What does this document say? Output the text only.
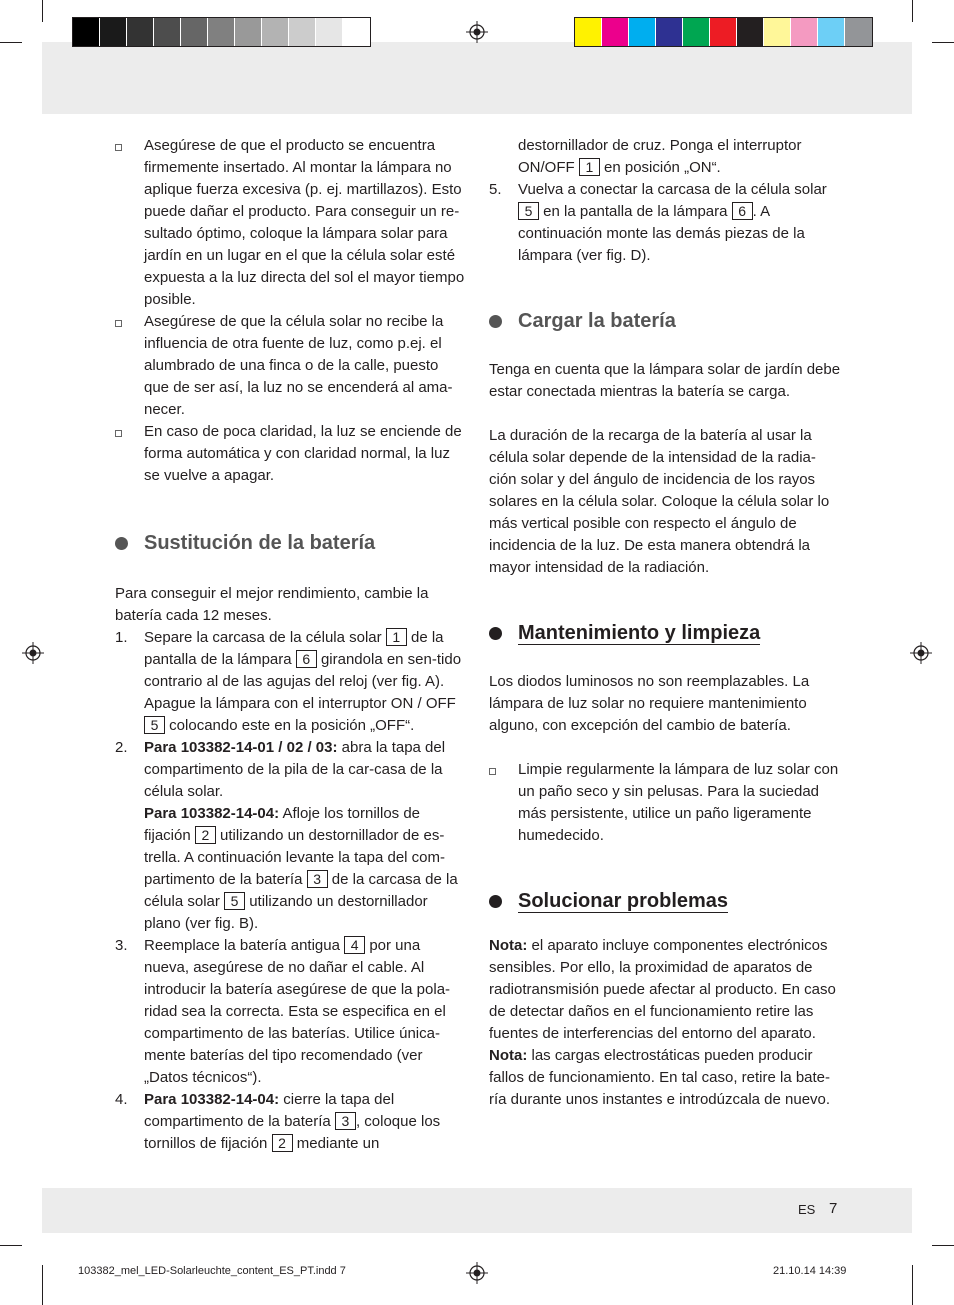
Asegúrese de que el producto se encuentra firmemente insertado. Al montar la lámpara no aplique fuerza excesiva (p. ej. martillazos). Esto puede dañar el producto. Para conseguir un re-sultado óptimo, coloque la lámpara solar para jardín en un lugar en el que la célula solar esté expuesta a la luz directa del sol el mayor tiempo posible.

Asegúrese de que la célula solar no recibe la influencia de otra fuente de luz, como p.ej. el alumbrado de una finca o de la calle, puesto que de ser así, la luz no se encenderá al ama-necer.

En caso de poca claridad, la luz se enciende de forma automática y con claridad normal, la luz se vuelve a apagar.

Sustitución de la batería

Para conseguir el mejor rendimiento, cambie la batería cada 12 meses.

1. Separe la carcasa de la célula solar 1 de la pantalla de la lámpara 6 girandola en sen-tido contrario al de las agujas del reloj (ver fig. A). Apague la lámpara con el interruptor ON / OFF 5 colocando este en la posición „OFF“.

2. Para 103382-14-01 / 02 / 03: abra la tapa del compartimento de la pila de la car-casa de la célula solar.

Para 103382-14-04: Afloje los tornillos de fijación 2 utilizando un destornillador de es-trella. A continuación levante la tapa del com-partimento de la batería 3 de la carcasa de la célula solar 5 utilizando un destornillador plano (ver fig. B).

3. Reemplace la batería antigua 4 por una nueva, asegúrese de no dañar el cable. Al introducir la batería asegúrese de que la pola-ridad sea la correcta. Esta se especifica en el compartimento de las baterías. Utilice única-mente baterías del tipo recomendado (ver „Datos técnicos“).

4. Para 103382-14-04: cierre la tapa del compartimento de la batería 3 , coloque los tornillos de fijación 2 mediante un

destornillador de cruz. Ponga el interruptor ON/OFF 1 en posición „ON“.

5. Vuelva a conectar la carcasa de la célula solar 5 en la pantalla de la lámpara 6 . A continuación monte las demás piezas de la lámpara (ver fig. D).

Cargar la batería

Tenga en cuenta que la lámpara solar de jardín debe estar conectada mientras la batería se carga.

La duración de la recarga de la batería al usar la célula solar depende de la intensidad de la radia-ción solar y del ángulo de incidencia de los rayos solares en la célula solar. Coloque la célula solar lo más vertical posible con respecto el ángulo de incidencia de la luz. De esta manera obtendrá la mayor intensidad de la radiación.

Mantenimiento y limpieza

Los diodos luminosos no son reemplazables. La lámpara de luz solar no requiere mantenimiento alguno, con excepción del cambio de batería.

Limpie regularmente la lámpara de luz solar con un paño seco y sin pelusas. Para la suciedad más persistente, utilice un paño ligeramente humedecido.

Solucionar problemas

Nota: el aparato incluye componentes electrónicos sensibles. Por ello, la proximidad de aparatos de radiotransmisión puede afectar al producto. En caso de detectar daños en el funcionamiento retire las fuentes de interferencias del entorno del aparato.

Nota: las cargas electrostáticas pueden producir fallos de funcionamiento. En tal caso, retire la bate-ría durante unos instantes e introdúzcala de nuevo.

ES 7
103382_mel_LED-Solarleuchte_content_ES_PT.indd 7	21.10.14 14:39
